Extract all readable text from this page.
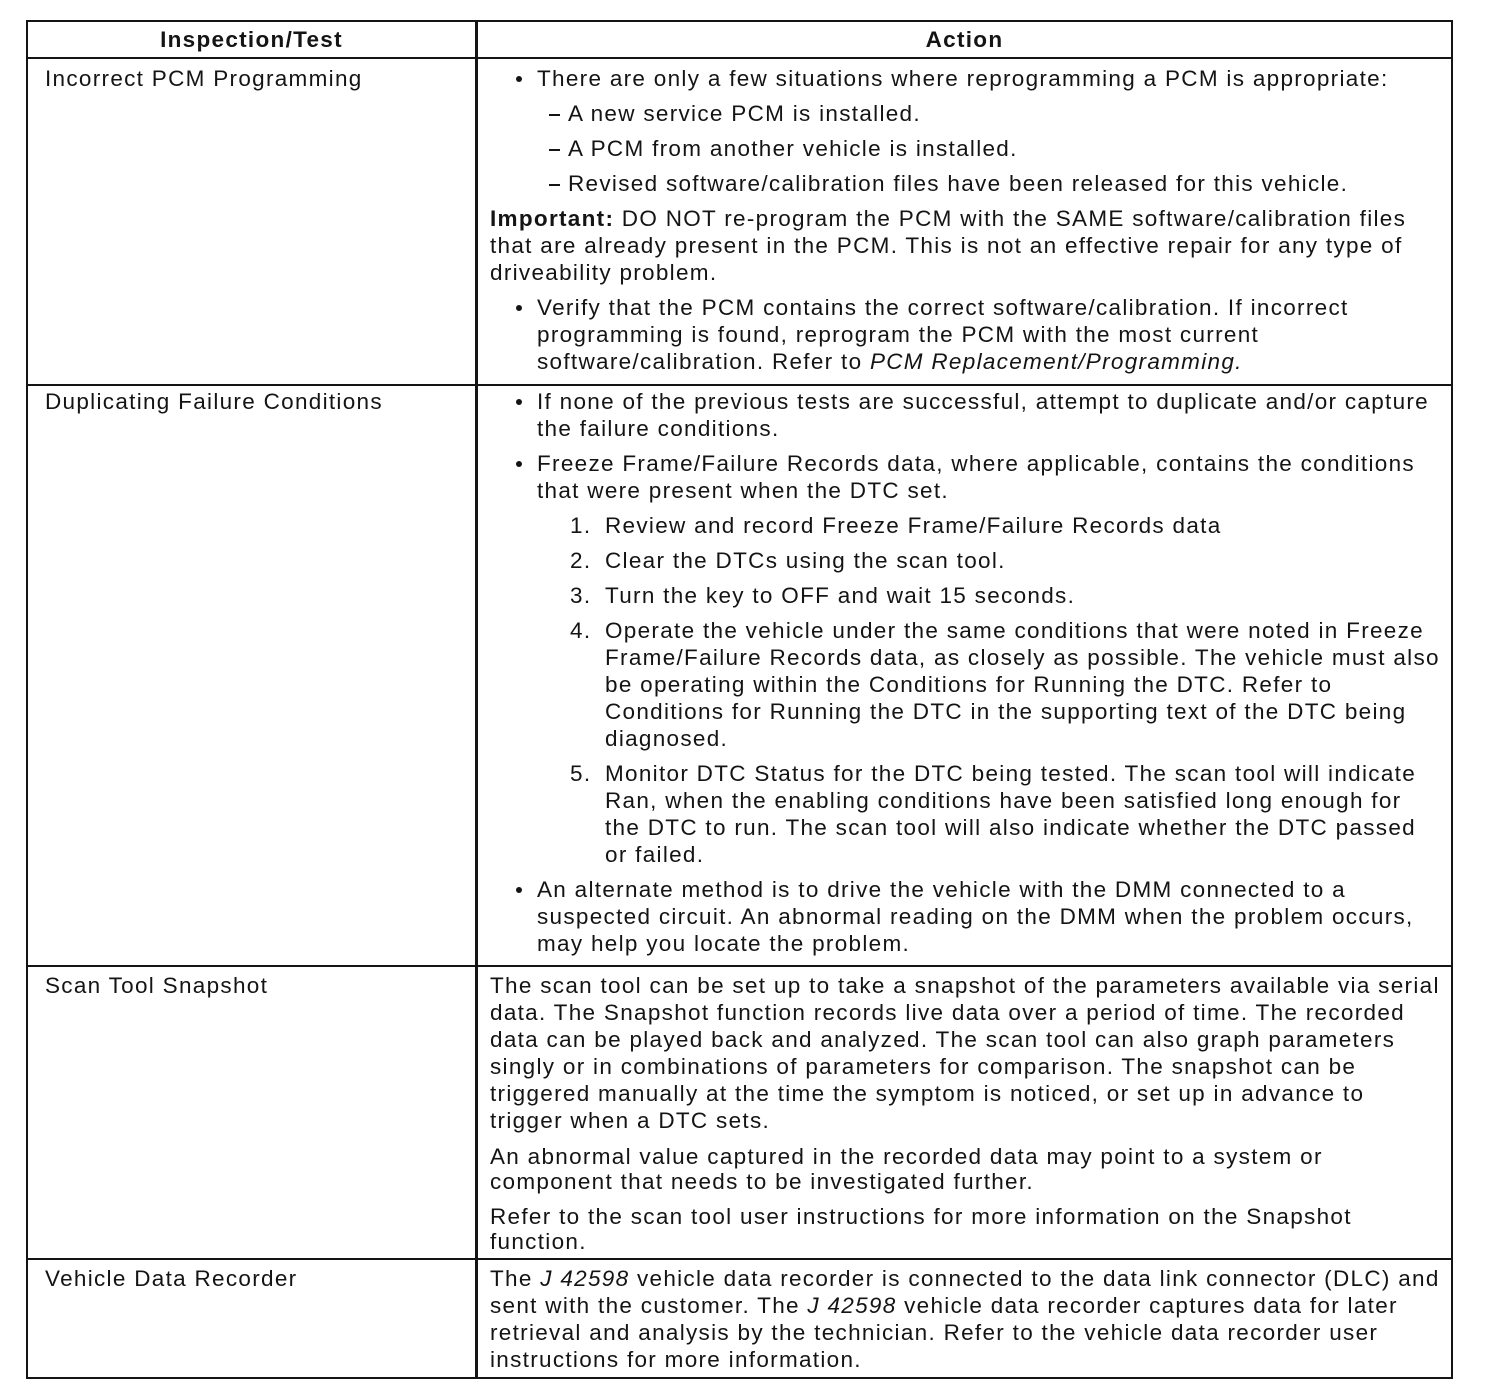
Inspection/Test	Action
Incorrect PCM Programming	There are only a few situations where reprogramming a PCM is appropriate:
A new service PCM is installed.
A PCM from another vehicle is installed.
Revised software/calibration files have been released for this vehicle.
Important: DO NOT re-program the PCM with the SAME software/calibration files
that are already present in the PCM. This is not an effective repair for any type of
driveability problem.
Verify that the PCM contains the correct software/calibration. If incorrect
programming is found, reprogram the PCM with the most current
software/calibration. Refer to PCM Replacement/Programming.
Duplicating Failure Conditions	If none of the previous tests are successful, attempt to duplicate and/or capture
the failure conditions.
Freeze Frame/Failure Records data, where applicable, contains the conditions
that were present when the DTC set.
1. Review and record Freeze Frame/Failure Records data
2. Clear the DTCs using the scan tool.
3. Turn the key to OFF and wait 15 seconds.
4. Operate the vehicle under the same conditions that were noted in Freeze
Frame/Failure Records data, as closely as possible. The vehicle must also
be operating within the Conditions for Running the DTC. Refer to
Conditions for Running the DTC in the supporting text of the DTC being
diagnosed.
5. Monitor DTC Status for the DTC being tested. The scan tool will indicate
Ran, when the enabling conditions have been satisfied long enough for
the DTC to run. The scan tool will also indicate whether the DTC passed
or failed.
An alternate method is to drive the vehicle with the DMM connected to a
suspected circuit. An abnormal reading on the DMM when the problem occurs,
may help you locate the problem.
Scan Tool Snapshot	The scan tool can be set up to take a snapshot of the parameters available via serial
data. The Snapshot function records live data over a period of time. The recorded
data can be played back and analyzed. The scan tool can also graph parameters
singly or in combinations of parameters for comparison. The snapshot can be
triggered manually at the time the symptom is noticed, or set up in advance to
trigger when a DTC sets.
An abnormal value captured in the recorded data may point to a system or
component that needs to be investigated further.
Refer to the scan tool user instructions for more information on the Snapshot
function.
Vehicle Data Recorder	The J 42598 vehicle data recorder is connected to the data link connector (DLC) and
sent with the customer. The J 42598 vehicle data recorder captures data for later
retrieval and analysis by the technician. Refer to the vehicle data recorder user
instructions for more information.
